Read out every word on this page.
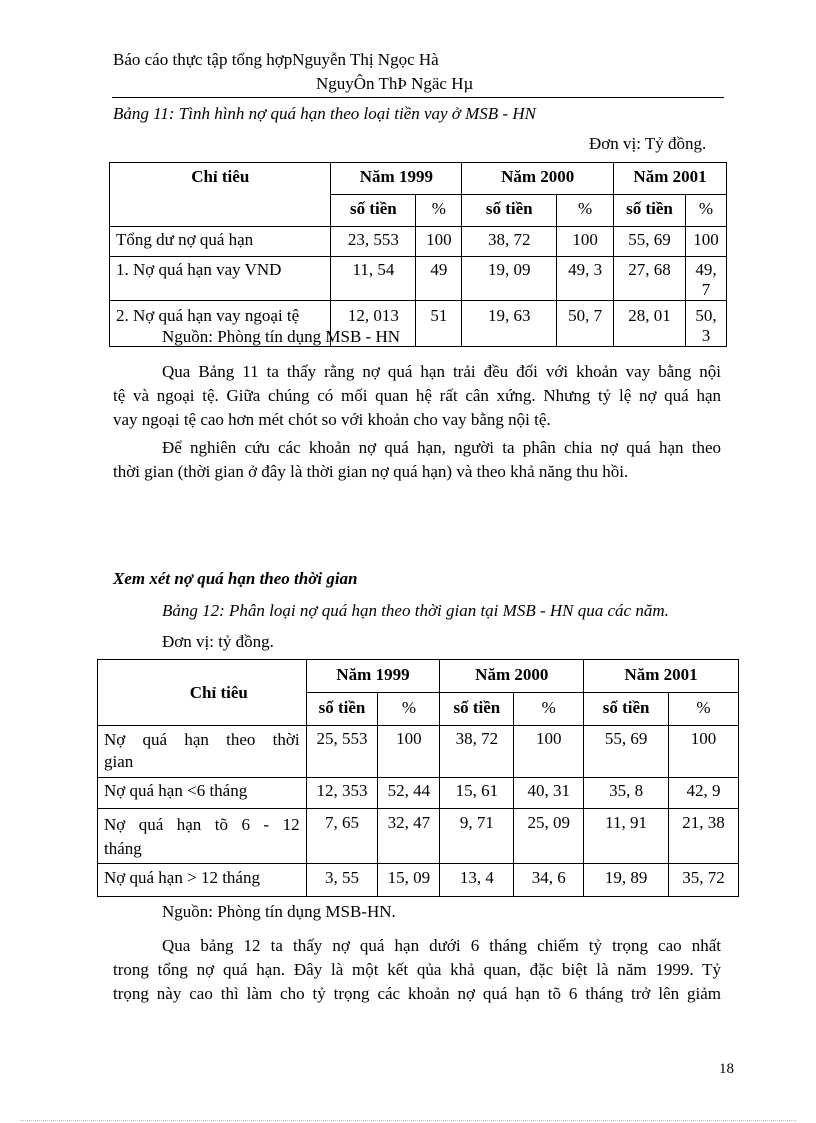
Báo cáo thực tập tổng hợpNguyễn Thị Ngọc Hà
NguyÔn ThÞ Ngäc Hµ
Bảng 11: Tình hình nợ quá hạn theo loại tiền vay ở MSB - HN
Đơn vị: Tỷ đồng.
Chỉ tiêu	Năm 1999		Năm 2000		Năm 2001	
	số tiền	%	số tiền	%	số tiền	%
Tổng dư nợ quá hạn	23, 553	100	38, 72	100	55, 69	100
1. Nợ quá hạn vay VND	11, 54	49	19, 09	49, 3	27, 68	49, 7
2. Nợ quá hạn vay ngoại tệ	12, 013	51	19, 63	50, 7	28, 01	50, 3
Nguồn: Phòng tín dụng MSB - HN
Qua Bảng 11 ta thấy rằng nợ quá hạn trải đều đối với khoản vay bằng nội
tệ và ngoại tệ. Giữa chúng có mối quan hệ rất cân xứng. Nhưng tỷ lệ nợ quá hạn
vay ngoại tệ cao hơn mét chót so với khoản cho vay bằng nội tệ.
Để nghiên cứu các khoản nợ quá hạn, người ta phân chia nợ quá hạn theo
thời gian (thời gian ở đây là thời gian nợ quá hạn) và theo khả năng thu hồi.
Xem xét nợ quá hạn theo thời gian
Bảng 12: Phân loại nợ quá hạn theo thời gian tại MSB - HN qua các năm.
Đơn vị: tỷ đồng.
Chỉ tiêu	Năm 1999		Năm 2000		Năm 2001	
	số tiền	%	số tiền	%	số tiền	%

Nợ quá hạn theo thời
gian	25, 553	100	38, 72	100	55, 69	100
Nợ quá hạn <6 tháng	12, 353	52, 44	15, 61	40, 31	35, 8	42, 9

Nợ quá hạn tõ 6 - 12
tháng	7, 65	32, 47	9, 71	25, 09	11, 91	21, 38
Nợ quá hạn > 12 tháng	3, 55	15, 09	13, 4	34, 6	19, 89	35, 72
Nguồn: Phòng tín dụng MSB-HN.
Qua bảng 12 ta thấy nợ quá hạn dưới 6 tháng chiếm tỷ trọng cao nhất
trong tổng nợ quá hạn. Đây là một kết qủa khả quan, đặc biệt là năm 1999. Tỷ
trọng này cao thì làm cho tỷ trọng các khoản nợ quá hạn tõ 6 tháng trở lên giảm
18
